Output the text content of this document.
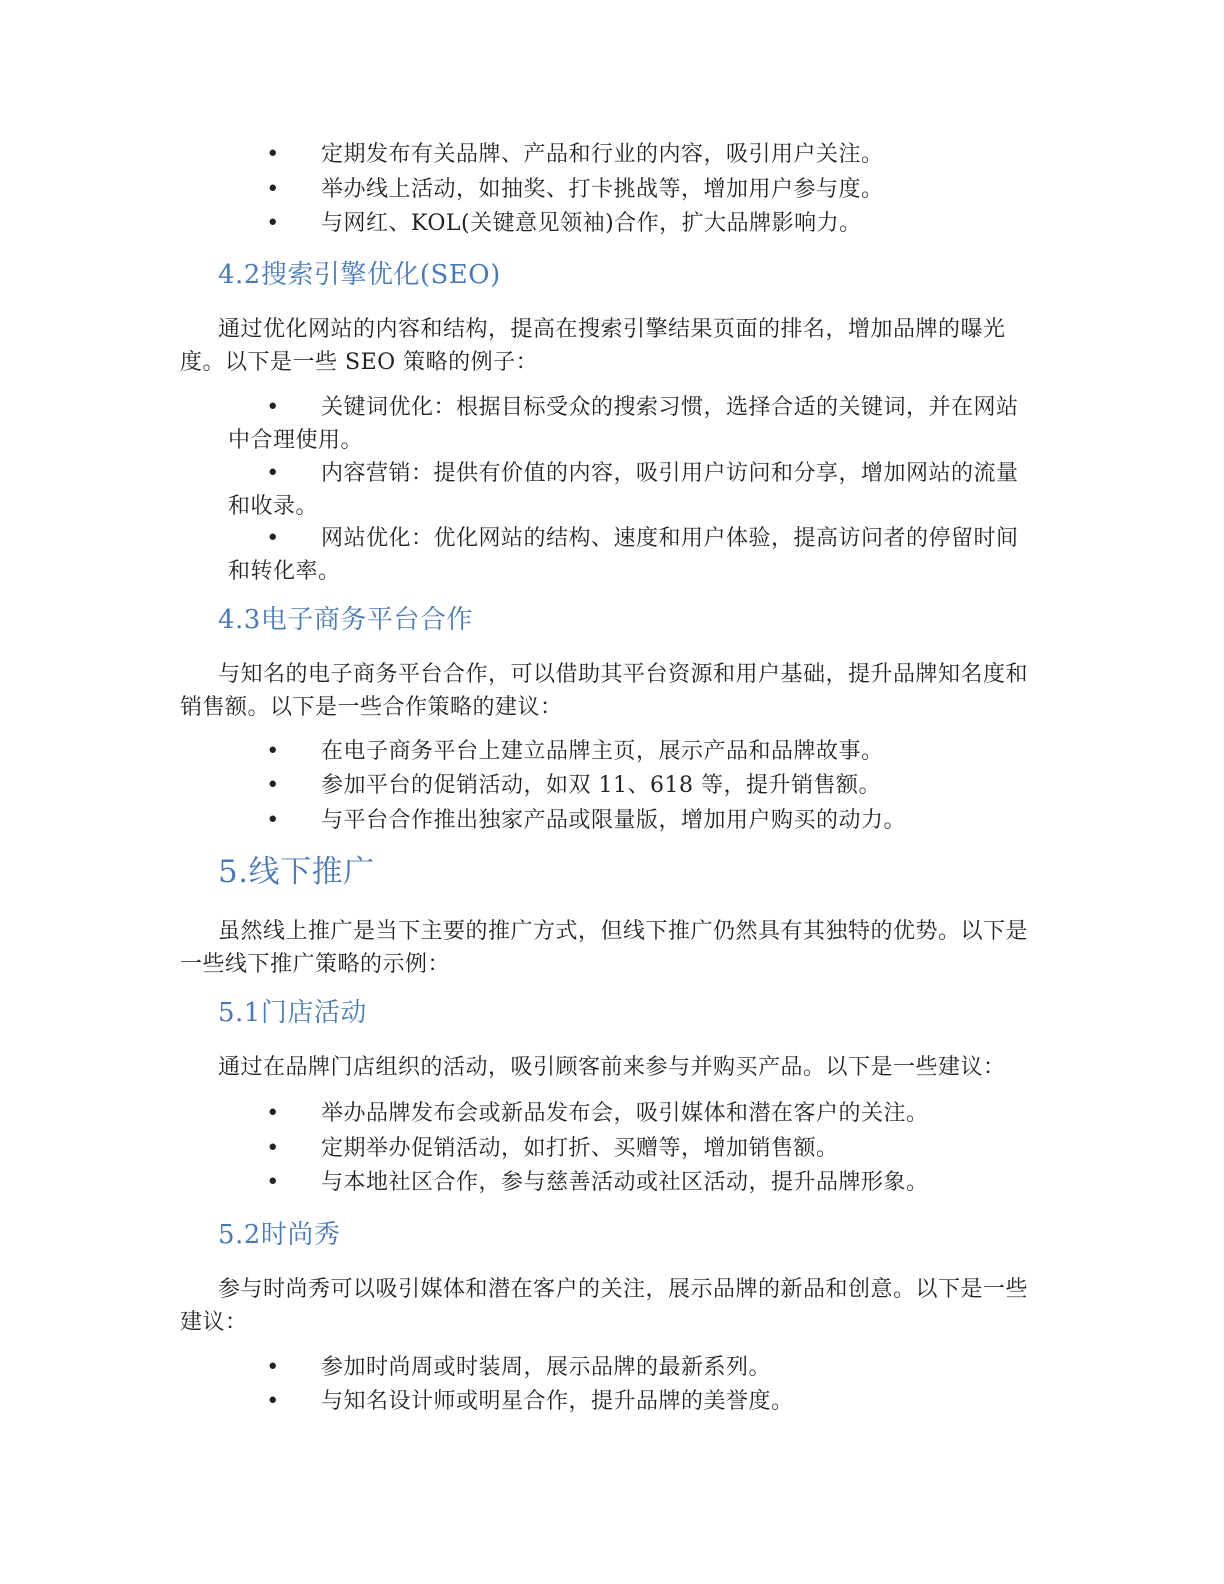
•	定期发布有关品牌、产品和行业的内容，吸引用户关注。
•	举办线上活动，如抽奖、打卡挑战等，增加用户参与度。
•	与网红、KOL(关键意见领袖)合作，扩大品牌影响力。
4.2搜索引擎优化(SEO)
通过优化网站的内容和结构，提高在搜索引擎结果页面的排名，增加品牌的曝光度。以下是一些 SEO 策略的例子：
•	关键词优化：根据目标受众的搜索习惯，选择合适的关键词，并在网站中合理使用。
•	内容营销：提供有价值的内容，吸引用户访问和分享，增加网站的流量和收录。
•	网站优化：优化网站的结构、速度和用户体验，提高访问者的停留时间和转化率。
4.3电子商务平台合作
与知名的电子商务平台合作，可以借助其平台资源和用户基础，提升品牌知名度和销售额。以下是一些合作策略的建议：
•	在电子商务平台上建立品牌主页，展示产品和品牌故事。
•	参加平台的促销活动，如双 11、618 等，提升销售额。
•	与平台合作推出独家产品或限量版，增加用户购买的动力。
5.线下推广
虽然线上推广是当下主要的推广方式，但线下推广仍然具有其独特的优势。以下是一些线下推广策略的示例：
5.1门店活动
通过在品牌门店组织的活动，吸引顾客前来参与并购买产品。以下是一些建议：
•	举办品牌发布会或新品发布会，吸引媒体和潜在客户的关注。
•	定期举办促销活动，如打折、买赠等，增加销售额。
•	与本地社区合作，参与慈善活动或社区活动，提升品牌形象。
5.2时尚秀
参与时尚秀可以吸引媒体和潜在客户的关注，展示品牌的新品和创意。以下是一些建议：
•	参加时尚周或时装周，展示品牌的最新系列。
•	与知名设计师或明星合作，提升品牌的美誉度。
